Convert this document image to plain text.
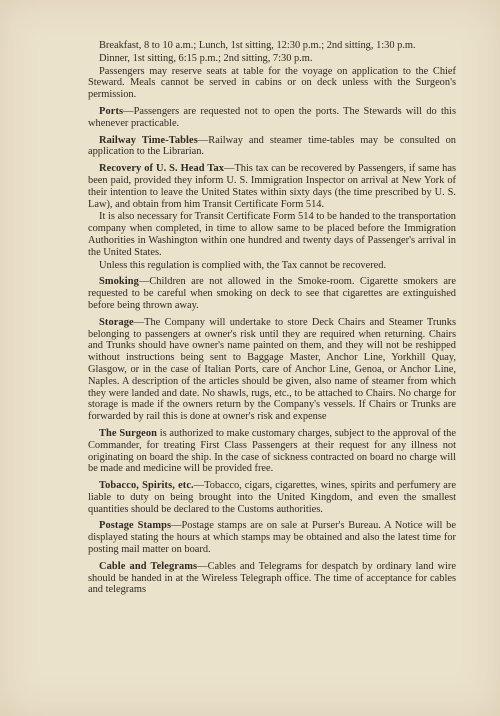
Breakfast, 8 to 10 a.m.; Lunch, 1st sitting, 12:30 p.m.; 2nd sitting, 1:30 p.m.

Dinner, 1st sitting, 6:15 p.m.; 2nd sitting, 7:30 p.m.

Passengers may reserve seats at table for the voyage on application to the Chief Steward. Meals cannot be served in cabins or on deck unless with the Surgeon's permission.

Ports—Passengers are requested not to open the ports. The Stewards will do this whenever practicable.

Railway Time-Tables—Railway and steamer time-tables may be consulted on application to the Librarian.

Recovery of U. S. Head Tax—This tax can be recovered by Passengers, if same has been paid, provided they inform U. S. Immigration Inspector on arrival at New York of their intention to leave the United States within sixty days (the time prescribed by U. S. Law), and obtain from him Transit Certificate Form 514.

It is also necessary for Transit Certificate Form 514 to be handed to the transportation company when completed, in time to allow same to be placed before the Immigration Authorities in Washington within one hundred and twenty days of Passenger's arrival in the United States.

Unless this regulation is complied with, the Tax cannot be recovered.

Smoking—Children are not allowed in the Smoke-room. Cigarette smokers are requested to be careful when smoking on deck to see that cigarettes are extinguished before being thrown away.

Storage—The Company will undertake to store Deck Chairs and Steamer Trunks belonging to passengers at owner's risk until they are required when returning. Chairs and Trunks should have owner's name painted on them, and they will not be reshipped without instructions being sent to Baggage Master, Anchor Line, Yorkhill Quay, Glasgow, or in the case of Italian Ports, care of Anchor Line, Genoa, or Anchor Line, Naples. A description of the articles should be given, also name of steamer from which they were landed and date. No shawls, rugs, etc., to be attached to Chairs. No charge for storage is made if the owners return by the Company's vessels. If Chairs or Trunks are forwarded by rail this is done at owner's risk and expense

The Surgeon is authorized to make customary charges, subject to the approval of the Commander, for treating First Class Passengers at their request for any illness not originating on board the ship. In the case of sickness contracted on board no charge will be made and medicine will be provided free.

Tobacco, Spirits, etc.—Tobacco, cigars, cigarettes, wines, spirits and perfumery are liable to duty on being brought into the United Kingdom, and even the smallest quantities should be declared to the Customs authorities.

Postage Stamps—Postage stamps are on sale at Purser's Bureau. A Notice will be displayed stating the hours at which stamps may be obtained and also the latest time for posting mail matter on board.

Cable and Telegrams—Cables and Telegrams for despatch by ordinary land wire should be handed in at the Wireless Telegraph office. The time of acceptance for cables and telegrams
